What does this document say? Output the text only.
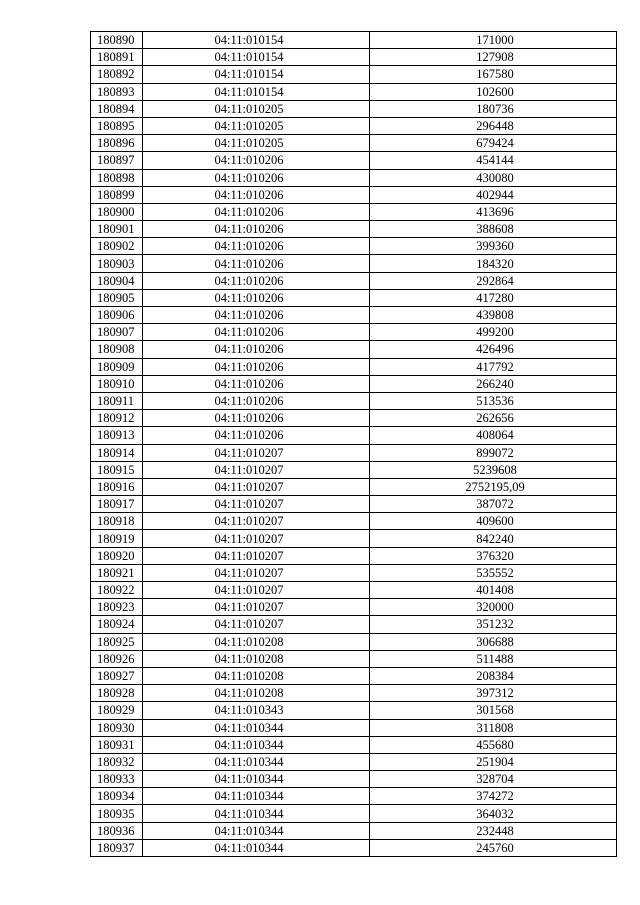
180890	04:11:010154	171000
180891	04:11:010154	127908
180892	04:11:010154	167580
180893	04:11:010154	102600
180894	04:11:010205	180736
180895	04:11:010205	296448
180896	04:11:010205	679424
180897	04:11:010206	454144
180898	04:11:010206	430080
180899	04:11:010206	402944
180900	04:11:010206	413696
180901	04:11:010206	388608
180902	04:11:010206	399360
180903	04:11:010206	184320
180904	04:11:010206	292864
180905	04:11:010206	417280
180906	04:11:010206	439808
180907	04:11:010206	499200
180908	04:11:010206	426496
180909	04:11:010206	417792
180910	04:11:010206	266240
180911	04:11:010206	513536
180912	04:11:010206	262656
180913	04:11:010206	408064
180914	04:11:010207	899072
180915	04:11:010207	5239608
180916	04:11:010207	2752195,09
180917	04:11:010207	387072
180918	04:11:010207	409600
180919	04:11:010207	842240
180920	04:11:010207	376320
180921	04:11:010207	535552
180922	04:11:010207	401408
180923	04:11:010207	320000
180924	04:11:010207	351232
180925	04:11:010208	306688
180926	04:11:010208	511488
180927	04:11:010208	208384
180928	04:11:010208	397312
180929	04:11:010343	301568
180930	04:11:010344	311808
180931	04:11:010344	455680
180932	04:11:010344	251904
180933	04:11:010344	328704
180934	04:11:010344	374272
180935	04:11:010344	364032
180936	04:11:010344	232448
180937	04:11:010344	245760
